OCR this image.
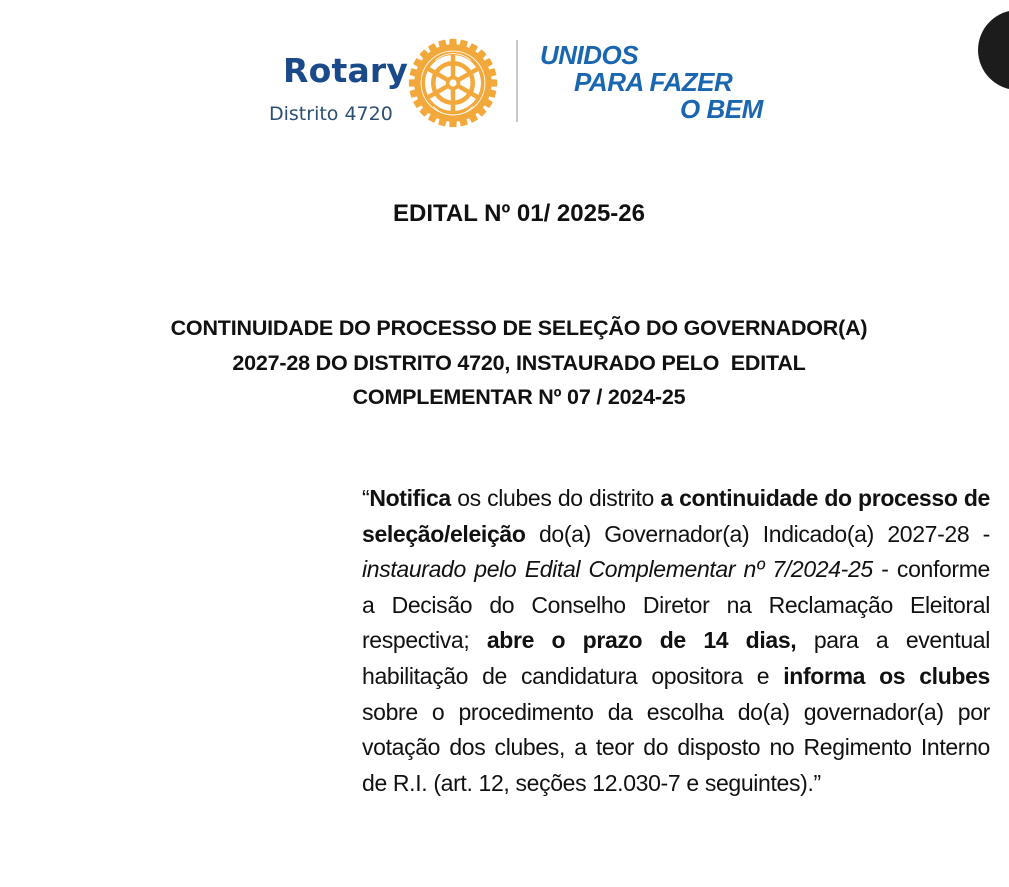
Rotary
Distrito 4720
UNIDOS
PARA FAZER
O BEM
EDITAL Nº 01/ 2025-26
CONTINUIDADE DO PROCESSO DE SELEÇÃO DO GOVERNADOR(A)
2027-28 DO DISTRITO 4720, INSTAURADO PELO  EDITAL
COMPLEMENTAR Nº 07 / 2024-25
“Notifica os clubes do distrito a continuidade do processo de seleção/eleição do(a) Governador(a) Indicado(a) 2027-28 - instaurado pelo Edital Complementar nº 7/2024-25 - conforme a Decisão do Conselho Diretor na Reclamação Eleitoral respectiva; abre o prazo de 14 dias, para a eventual habilitação de candidatura opositora e informa os clubes sobre o procedimento da escolha do(a) governador(a) por votação dos clubes, a teor do disposto no Regimento Interno de R.I. (art. 12, seções 12.030-7 e seguintes).”
